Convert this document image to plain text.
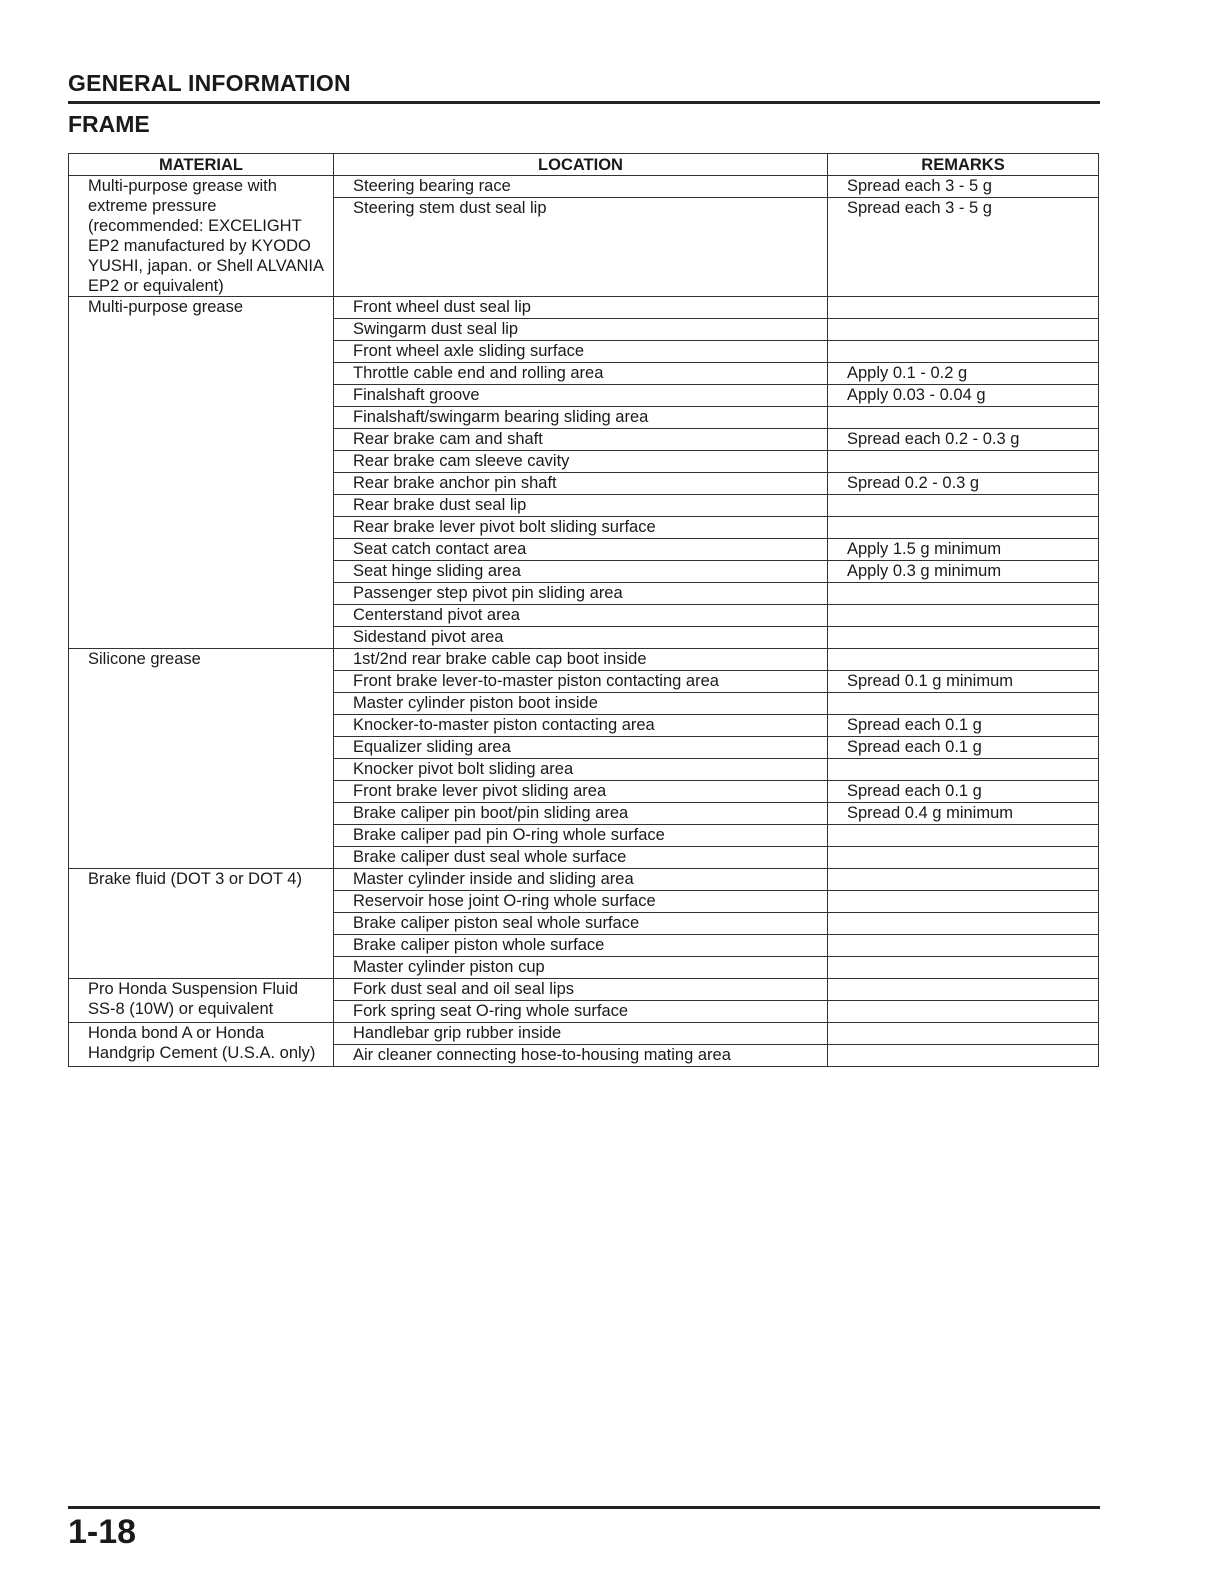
GENERAL INFORMATION
FRAME
MATERIAL	LOCATION	REMARKS
Multi-purpose grease with extreme pressure (recommended: EXCELIGHT EP2 manufactured by KYODO YUSHI, japan. or Shell ALVANIA EP2 or equivalent)	Steering bearing race	Spread each 3 - 5 g
	Steering stem dust seal lip	Spread each 3 - 5 g
Multi-purpose grease	Front wheel dust seal lip	
	Swingarm dust seal lip	
	Front wheel axle sliding surface	
	Throttle cable end and rolling area	Apply 0.1 - 0.2 g
	Finalshaft groove	Apply 0.03 - 0.04 g
	Finalshaft/swingarm bearing sliding area	
	Rear brake cam and shaft	Spread each 0.2 - 0.3 g
	Rear brake cam sleeve cavity	
	Rear brake anchor pin shaft	Spread 0.2 - 0.3 g
	Rear brake dust seal lip	
	Rear brake lever pivot bolt sliding surface	
	Seat catch contact area	Apply 1.5 g minimum
	Seat hinge sliding area	Apply 0.3 g minimum
	Passenger step pivot pin sliding area	
	Centerstand pivot area	
	Sidestand pivot area	
Silicone grease	1st/2nd rear brake cable cap boot inside	
	Front brake lever-to-master piston contacting area	Spread 0.1 g minimum
	Master cylinder piston boot inside	
	Knocker-to-master piston contacting area	Spread each 0.1 g
	Equalizer sliding area	Spread each 0.1 g
	Knocker pivot bolt sliding area	
	Front brake lever pivot sliding area	Spread each 0.1 g
	Brake caliper pin boot/pin sliding area	Spread 0.4 g minimum
	Brake caliper pad pin O-ring whole surface	
	Brake caliper dust seal whole surface	
Brake fluid (DOT 3 or DOT 4)	Master cylinder inside and sliding area	
	Reservoir hose joint O-ring whole surface	
	Brake caliper piston seal whole surface	
	Brake caliper piston whole surface	
	Master cylinder piston cup	
Pro Honda Suspension Fluid SS-8 (10W) or equivalent	Fork dust seal and oil seal lips	
	Fork spring seat O-ring whole surface	
Honda bond A or Honda Handgrip Cement (U.S.A. only)	Handlebar grip rubber inside	
	Air cleaner connecting hose-to-housing mating area	
1-18
